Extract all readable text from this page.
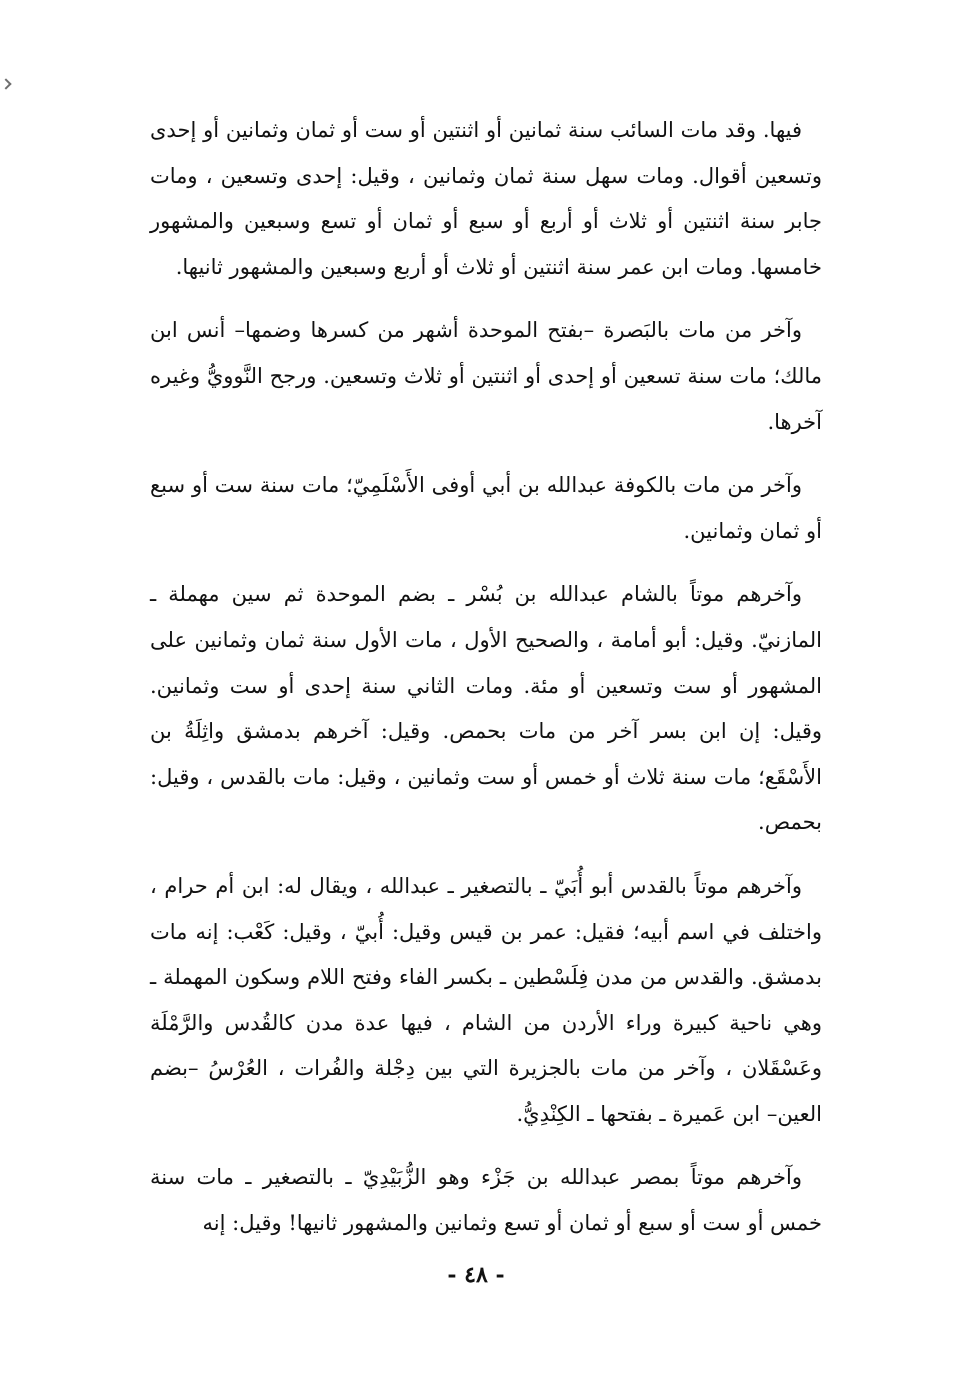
فيها. وقد مات السائب سنة ثمانين أو اثنتين أو ست أو ثمان وثمانين أو إحدى وتسعين أقوال. ومات سهل سنة ثمان وثمانين ، وقيل: إحدى وتسعين ، ومات جابر سنة اثنتين أو ثلاث أو أربع أو سبع أو ثمان أو تسع وسبعين والمشهور خامسها. ومات ابن عمر سنة اثنتين أو ثلاث أو أربع وسبعين والمشهور ثانيها.

وآخر من مات بالبَصرة –بفتح الموحدة أشهر من كسرها وضمها– أنس ابن مالك؛ مات سنة تسعين أو إحدى أو اثنتين أو ثلاث وتسعين. ورجح النَّوويُّ وغيره آخرها.

وآخر من مات بالكوفة عبدالله بن أبي أوفى الأَسْلَمِيّ؛ مات سنة ست أو سبع أو ثمان وثمانين.

وآخرهم موتاً بالشام عبدالله بن بُسْر ـ بضم الموحدة ثم سين مهملة ـ المازنيّ. وقيل: أبو أمامة ، والصحيح الأول ، مات الأول سنة ثمان وثمانين على المشهور أو ست وتسعين أو مئة. ومات الثاني سنة إحدى أو ست وثمانين. وقيل: إن ابن بسر آخر من مات بحمص. وقيل: آخرهم بدمشق واثِلَةُ بن الأَسْقَع؛ مات سنة ثلاث أو خمس أو ست وثمانين ، وقيل: مات بالقدس ، وقيل: بحمص.

وآخرهم موتاً بالقدس أبو أُبَيّ ـ بالتصغير ـ عبدالله ، ويقال له: ابن أم حرام ، واختلف في اسم أبيه؛ فقيل: عمر بن قيس وقيل: أُبيّ ، وقيل: كَعْب: إنه مات بدمشق. والقدس من مدن فِلَسْطين ـ بكسر الفاء وفتح اللام وسكون المهملة ـ وهي ناحية كبيرة وراء الأردن من الشام ، فيها عدة مدن كالقُدس والرَّمْلَة وعَسْقَلان ، وآخر من مات بالجزيرة التي بين دِجْلة والفُرات ، العُرْسُ –بضم العين– ابن عَميرة ـ بفتحها ـ الكِنْدِيُّ.

وآخرهم موتاً بمصر عبدالله بن جَزْء وهو الزُّبَيْدِيّ ـ بالتصغير ـ مات سنة خمس أو ست أو سبع أو ثمان أو تسع وثمانين والمشهور ثانيها! وقيل: إنه

- ٤٨ -
